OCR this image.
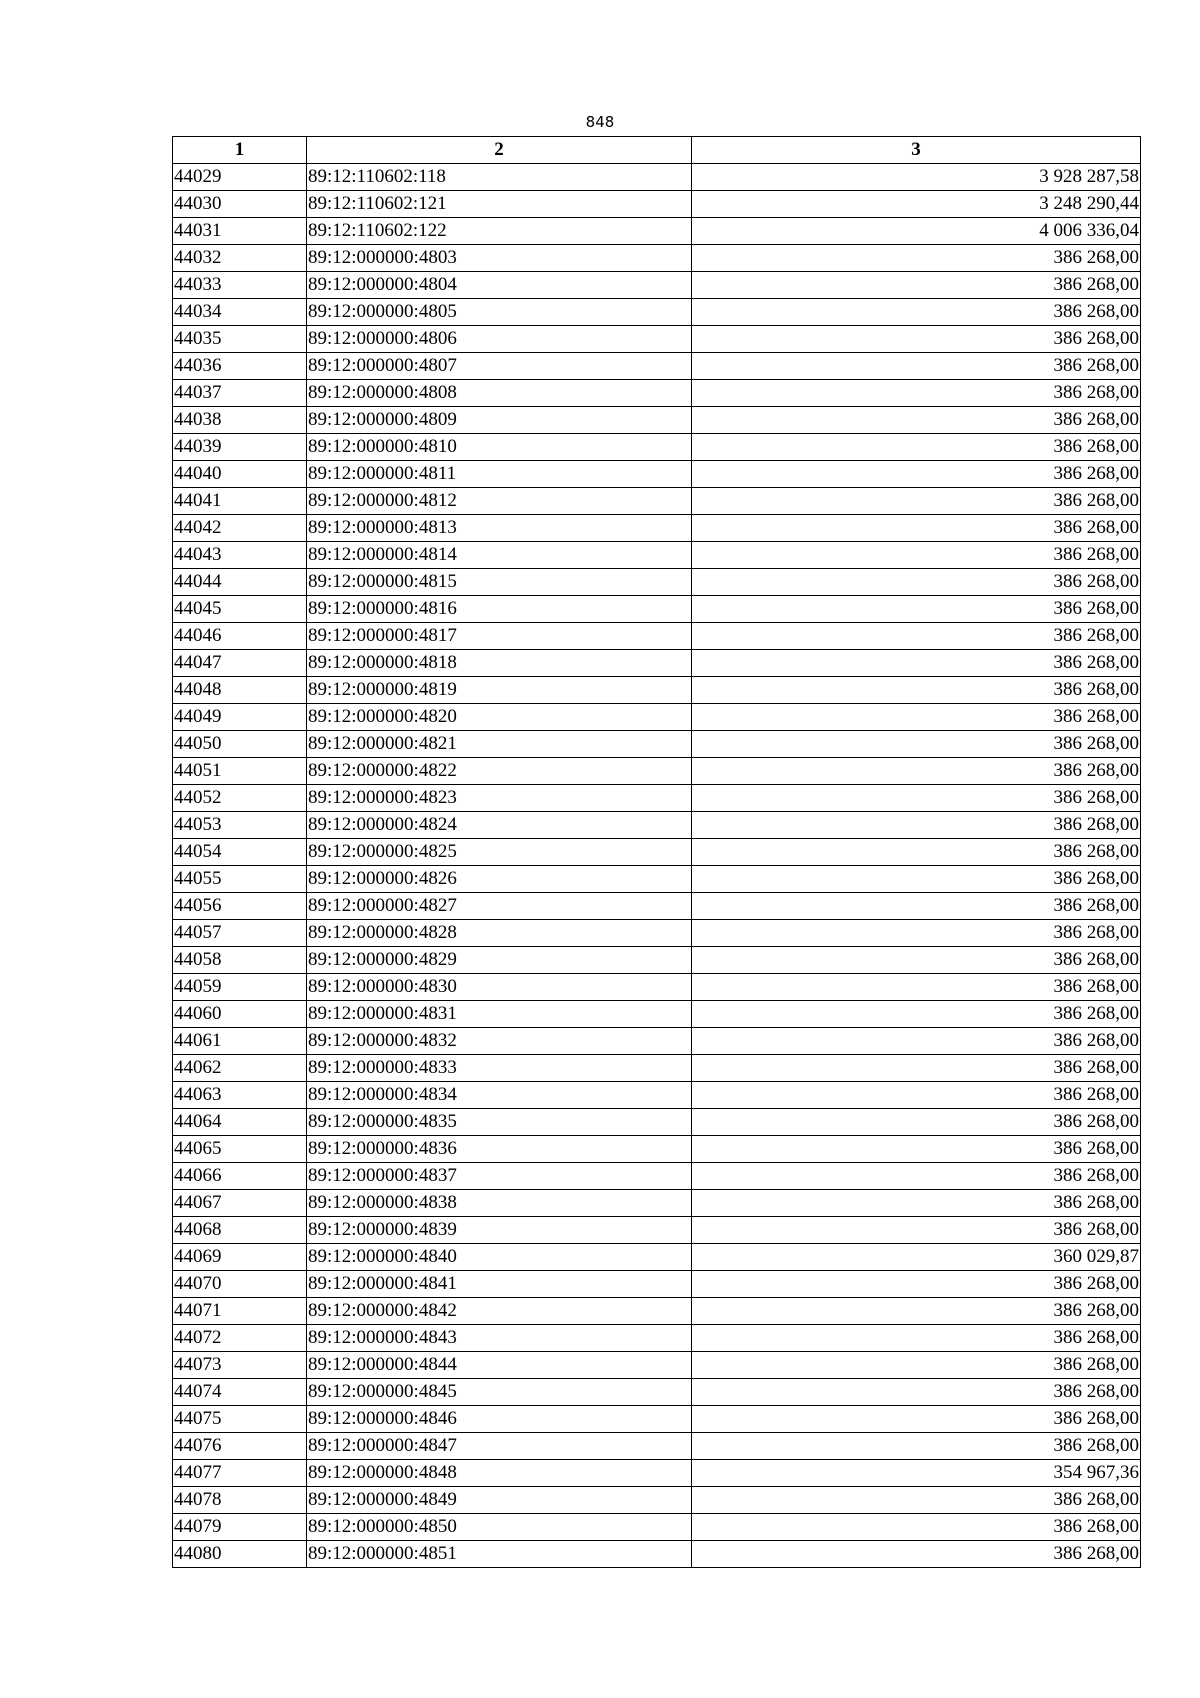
848
1	2	3
44029	89:12:110602:118	3 928 287,58
44030	89:12:110602:121	3 248 290,44
44031	89:12:110602:122	4 006 336,04
44032	89:12:000000:4803	386 268,00
44033	89:12:000000:4804	386 268,00
44034	89:12:000000:4805	386 268,00
44035	89:12:000000:4806	386 268,00
44036	89:12:000000:4807	386 268,00
44037	89:12:000000:4808	386 268,00
44038	89:12:000000:4809	386 268,00
44039	89:12:000000:4810	386 268,00
44040	89:12:000000:4811	386 268,00
44041	89:12:000000:4812	386 268,00
44042	89:12:000000:4813	386 268,00
44043	89:12:000000:4814	386 268,00
44044	89:12:000000:4815	386 268,00
44045	89:12:000000:4816	386 268,00
44046	89:12:000000:4817	386 268,00
44047	89:12:000000:4818	386 268,00
44048	89:12:000000:4819	386 268,00
44049	89:12:000000:4820	386 268,00
44050	89:12:000000:4821	386 268,00
44051	89:12:000000:4822	386 268,00
44052	89:12:000000:4823	386 268,00
44053	89:12:000000:4824	386 268,00
44054	89:12:000000:4825	386 268,00
44055	89:12:000000:4826	386 268,00
44056	89:12:000000:4827	386 268,00
44057	89:12:000000:4828	386 268,00
44058	89:12:000000:4829	386 268,00
44059	89:12:000000:4830	386 268,00
44060	89:12:000000:4831	386 268,00
44061	89:12:000000:4832	386 268,00
44062	89:12:000000:4833	386 268,00
44063	89:12:000000:4834	386 268,00
44064	89:12:000000:4835	386 268,00
44065	89:12:000000:4836	386 268,00
44066	89:12:000000:4837	386 268,00
44067	89:12:000000:4838	386 268,00
44068	89:12:000000:4839	386 268,00
44069	89:12:000000:4840	360 029,87
44070	89:12:000000:4841	386 268,00
44071	89:12:000000:4842	386 268,00
44072	89:12:000000:4843	386 268,00
44073	89:12:000000:4844	386 268,00
44074	89:12:000000:4845	386 268,00
44075	89:12:000000:4846	386 268,00
44076	89:12:000000:4847	386 268,00
44077	89:12:000000:4848	354 967,36
44078	89:12:000000:4849	386 268,00
44079	89:12:000000:4850	386 268,00
44080	89:12:000000:4851	386 268,00
